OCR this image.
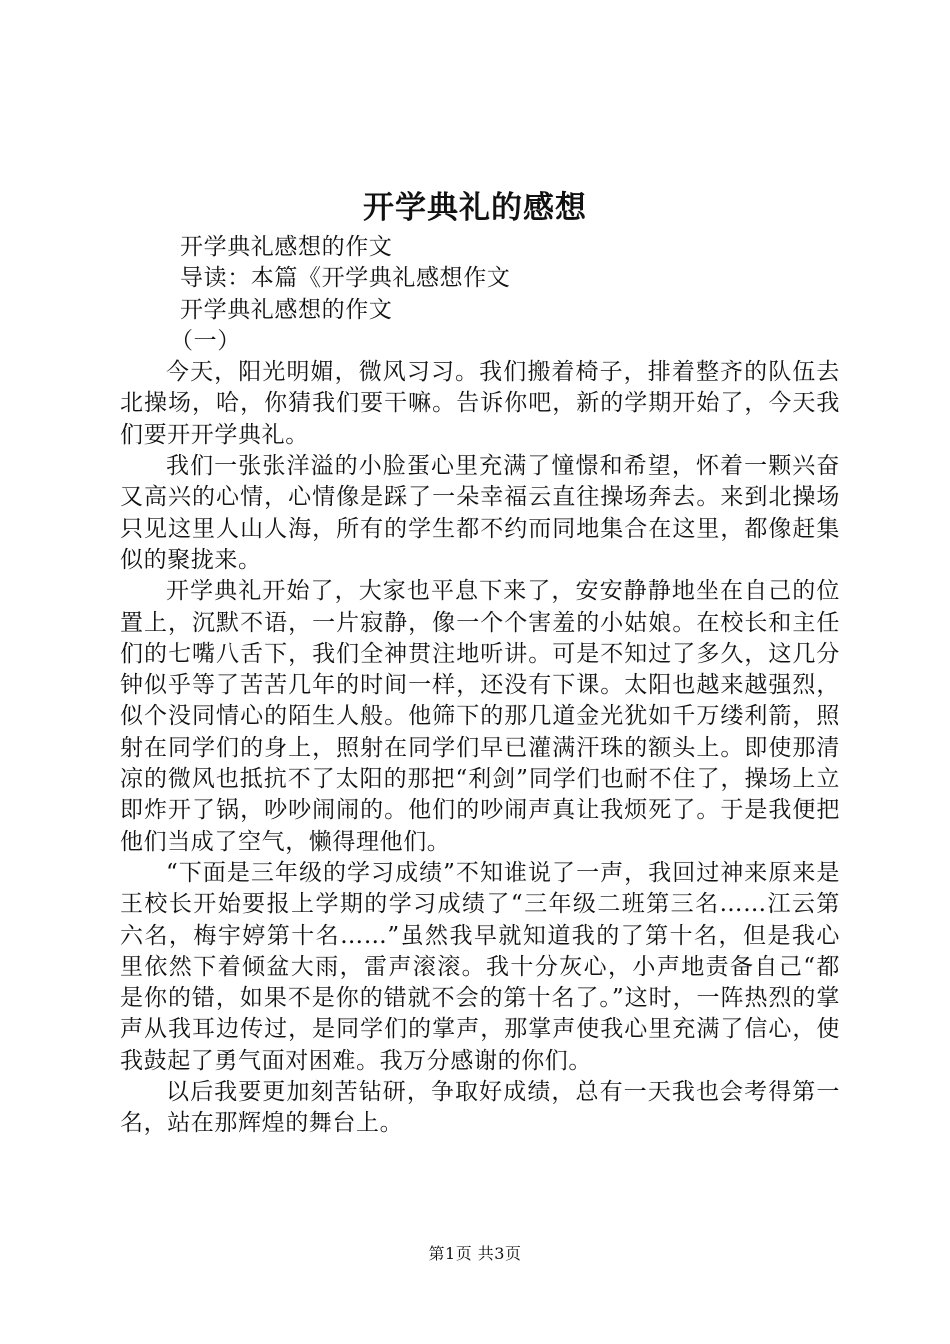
开学典礼的感想

开学典礼感想的作文

导读：本篇《开学典礼感想作文

开学典礼感想的作文

（一）

今天，阳光明媚，微风习习。我们搬着椅子，排着整齐的队伍去北操场，哈，你猜我们要干嘛。告诉你吧，新的学期开始了，今天我们要开开学典礼。

我们一张张洋溢的小脸蛋心里充满了憧憬和希望，怀着一颗兴奋又高兴的心情，心情像是踩了一朵幸福云直往操场奔去。来到北操场只见这里人山人海，所有的学生都不约而同地集合在这里，都像赶集似的聚拢来。

开学典礼开始了，大家也平息下来了，安安静静地坐在自己的位置上，沉默不语，一片寂静，像一个个害羞的小姑娘。在校长和主任们的七嘴八舌下，我们全神贯注地听讲。可是不知过了多久，这几分钟似乎等了苦苦几年的时间一样，还没有下课。太阳也越来越强烈，似个没同情心的陌生人般。他筛下的那几道金光犹如千万缕利箭，照射在同学们的身上，照射在同学们早已灌满汗珠的额头上。即使那清凉的微风也抵抗不了太阳的那把“利剑”同学们也耐不住了，操场上立即炸开了锅，吵吵闹闹的。他们的吵闹声真让我烦死了。于是我便把他们当成了空气，懒得理他们。

“下面是三年级的学习成绩”不知谁说了一声，我回过神来原来是王校长开始要报上学期的学习成绩了“三年级二班第三名……江云第六名，梅宇婷第十名……”虽然我早就知道我的了第十名，但是我心里依然下着倾盆大雨，雷声滚滚。我十分灰心，小声地责备自己“都是你的错，如果不是你的错就不会的第十名了。”这时，一阵热烈的掌声从我耳边传过，是同学们的掌声，那掌声使我心里充满了信心，使我鼓起了勇气面对困难。我万分感谢的你们。

以后我要更加刻苦钻研，争取好成绩，总有一天我也会考得第一名，站在那辉煌的舞台上。

第1页 共3页
